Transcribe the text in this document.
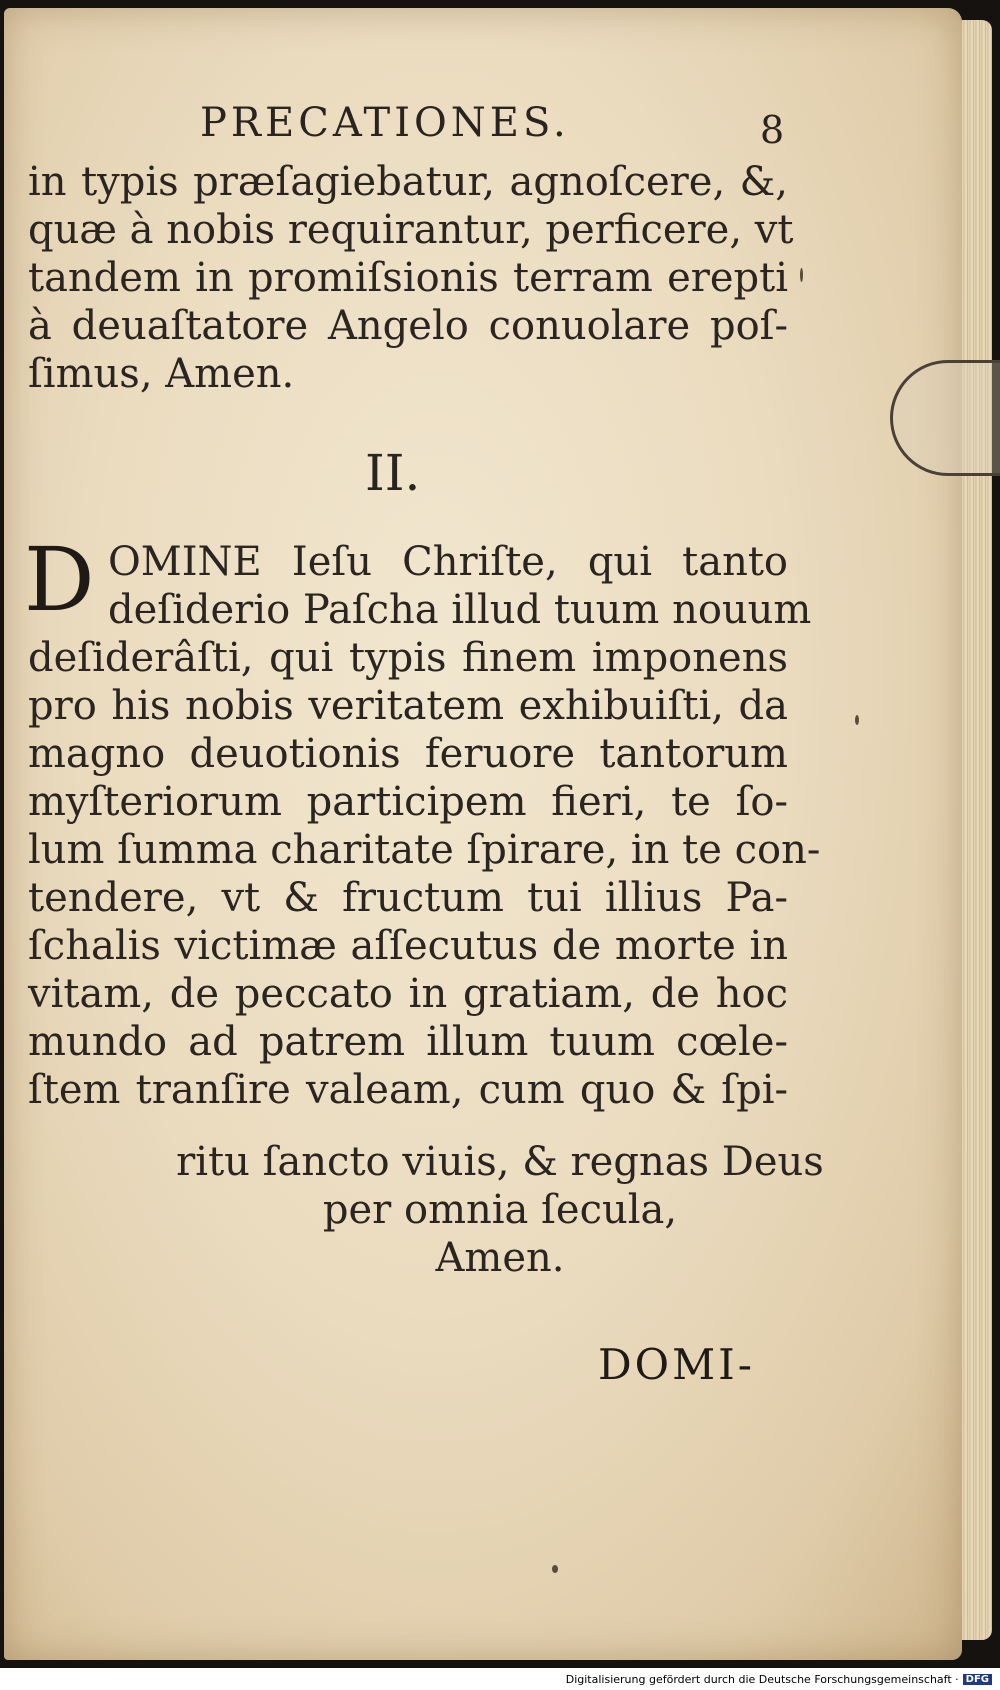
PRECATIONES.	8
in typis præſagiebatur, agnoſcere, &,
quæ à nobis requirantur, perficere, vt
tandem in promiſsionis terram erepti
à deuaſtatore Angelo conuolare poſ-
ſimus, Amen.
II.
D OMINE Ieſu Chriſte, qui tanto
deſiderio Paſcha illud tuum nouum
deſiderâſti, qui typis finem imponens
pro his nobis veritatem exhibuiſti, da
magno deuotionis feruore tantorum
myſteriorum participem fieri, te ſo-
lum ſumma charitate ſpirare, in te con-
tendere, vt & fructum tui illius Pa-
ſchalis victimæ aſſecutus de morte in
vitam, de peccato in gratiam, de hoc
mundo ad patrem illum tuum cœle-
ſtem tranſire valeam, cum quo & ſpi-
ritu ſancto viuis, & regnas Deus
per omnia ſecula,
Amen.
DOMI-
Digitalisierung gefördert durch die Deutsche Forschungsgemeinschaft · DFG
